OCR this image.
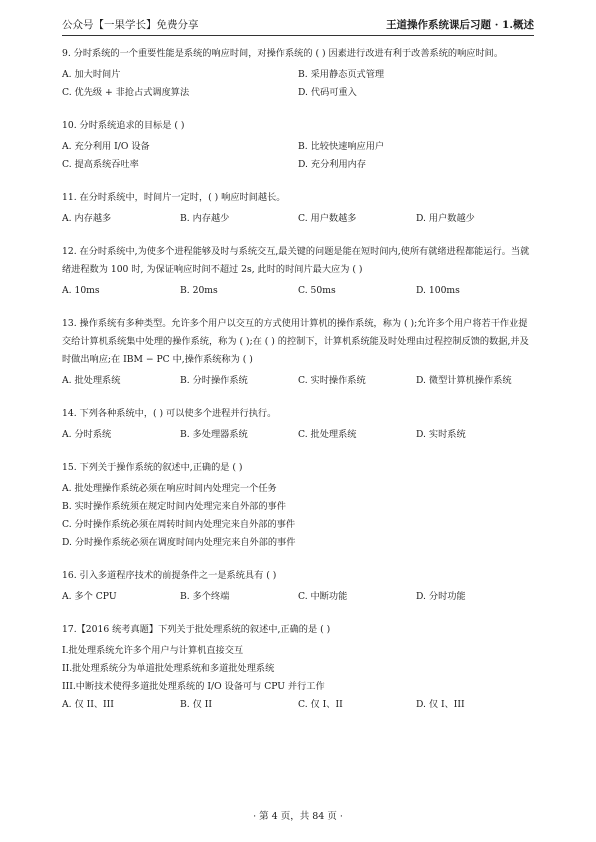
公众号【一果学长】免费分享	王道操作系统课后习题 · 1.概述
9. 分时系统的一个重要性能是系统的响应时间，对操作系统的 ( ) 因素进行改进有利于改善系统的响应时间。
A. 加大时间片	B. 采用静态页式管理
C. 优先级 + 非抢占式调度算法	D. 代码可重入
10. 分时系统追求的目标是 ( )
A. 充分利用 I/O 设备	B. 比较快速响应用户
C. 提高系统吞吐率	D. 充分利用内存
11. 在分时系统中，时间片一定时，( ) 响应时间越长。
A. 内存越多	B. 内存越少	C. 用户数越多	D. 用户数越少
12. 在分时系统中,为使多个进程能够及时与系统交互,最关键的问题是能在短时间内,使所有就绪进程都能运行。当就绪进程数为 100 时, 为保证响应时间不超过 2s, 此时的时间片最大应为 ( )
A. 10ms	B. 20ms	C. 50ms	D. 100ms
13. 操作系统有多种类型。允许多个用户以交互的方式使用计算机的操作系统，称为 ( );允许多个用户将若干作业提交给计算机系统集中处理的操作系统，称为 ( );在 ( ) 的控制下，计算机系统能及时处理由过程控制反馈的数据,并及时做出响应;在 IBM − PC 中,操作系统称为 ( )
A. 批处理系统	B. 分时操作系统	C. 实时操作系统	D. 微型计算机操作系统
14. 下列各种系统中，( ) 可以使多个进程并行执行。
A. 分时系统	B. 多处理器系统	C. 批处理系统	D. 实时系统
15. 下列关于操作系统的叙述中,正确的是 ( )
A. 批处理操作系统必须在响应时间内处理完一个任务
B. 实时操作系统须在规定时间内处理完来自外部的事件
C. 分时操作系统必须在周转时间内处理完来自外部的事件
D. 分时操作系统必须在调度时间内处理完来自外部的事件
16. 引入多道程序技术的前提条件之一是系统具有 ( )
A. 多个 CPU	B. 多个终端	C. 中断功能	D. 分时功能
17.【2016 统考真题】下列关于批处理系统的叙述中,正确的是 ( )
I.批处理系统允许多个用户与计算机直接交互
II.批处理系统分为单道批处理系统和多道批处理系统
III.中断技术使得多道批处理系统的 I/O 设备可与 CPU 并行工作
A. 仅 II、III	B. 仅 II	C. 仅 I、II	D. 仅 I、III
· 第 4 页，共 84 页 ·
